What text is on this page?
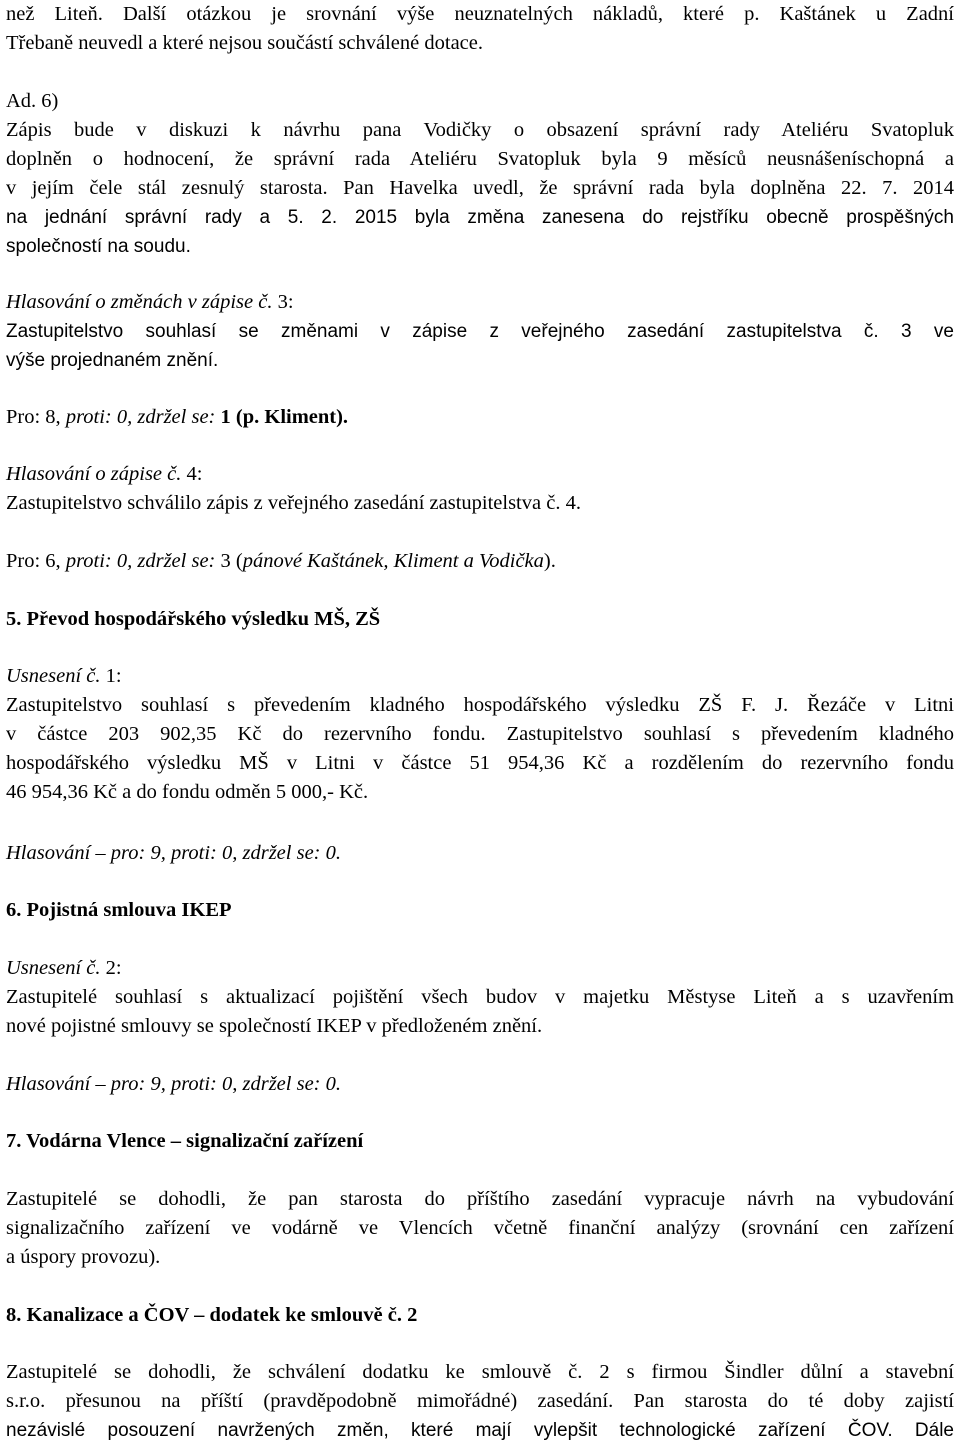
než Liteň. Další otázkou je srovnání výše neuznatelných nákladů, které p. Kaštánek u Zadní
Třebaně neuvedl a které nejsou součástí schválené dotace.
Ad. 6)
Zápis bude v diskuzi k návrhu pana Vodičky o obsazení správní rady Ateliéru Svatopluk
doplněn o hodnocení, že správní rada Ateliéru Svatopluk byla 9 měsíců neusnášeníschopná a
v jejím čele stál zesnulý starosta. Pan Havelka uvedl, že správní rada byla doplněna 22. 7. 2014
na jednání správní rady a 5. 2. 2015 byla změna zanesena do rejstříku obecně prospěšných
společností na soudu.
Hlasování o změnách v zápise č. 3:
Zastupitelstvo souhlasí se změnami v zápise z veřejného zasedání zastupitelstva č. 3 ve
výše projednaném znění.
Pro: 8, proti: 0, zdržel se: 1 (p. Kliment).
Hlasování o zápise č. 4:
Zastupitelstvo schválilo zápis z veřejného zasedání zastupitelstva č. 4.
Pro: 6, proti: 0, zdržel se: 3 (pánové Kaštánek, Kliment a Vodička).
5. Převod hospodářského výsledku MŠ, ZŠ
Usnesení č. 1:
Zastupitelstvo souhlasí s převedením kladného hospodářského výsledku ZŠ F. J. Řezáče v Litni
v částce 203 902,35 Kč do rezervního fondu. Zastupitelstvo souhlasí s převedením kladného
hospodářského výsledku MŠ v Litni v částce 51 954,36 Kč a rozdělením do rezervního fondu
46 954,36 Kč a do fondu odměn 5 000,- Kč.
Hlasování – pro: 9, proti: 0, zdržel se: 0.
6. Pojistná smlouva IKEP
Usnesení č. 2:
Zastupitelé souhlasí s aktualizací pojištění všech budov v majetku Městyse Liteň a s uzavřením
nové pojistné smlouvy se společností IKEP v předloženém znění.
Hlasování – pro: 9, proti: 0, zdržel se: 0.
7. Vodárna Vlence – signalizační zařízení
Zastupitelé se dohodli, že pan starosta do příštího zasedání vypracuje návrh na vybudování
signalizačního zařízení ve vodárně ve Vlencích včetně finanční analýzy (srovnání cen zařízení
a úspory provozu).
8. Kanalizace a ČOV – dodatek ke smlouvě č. 2
Zastupitelé se dohodli, že schválení dodatku ke smlouvě č. 2 s firmou Šindler důlní a stavební
s.r.o. přesunou na příští (pravděpodobně mimořádné) zasedání. Pan starosta do té doby zajistí
nezávislé posouzení navržených změn, které mají vylepšit technologické zařízení ČOV. Dále
